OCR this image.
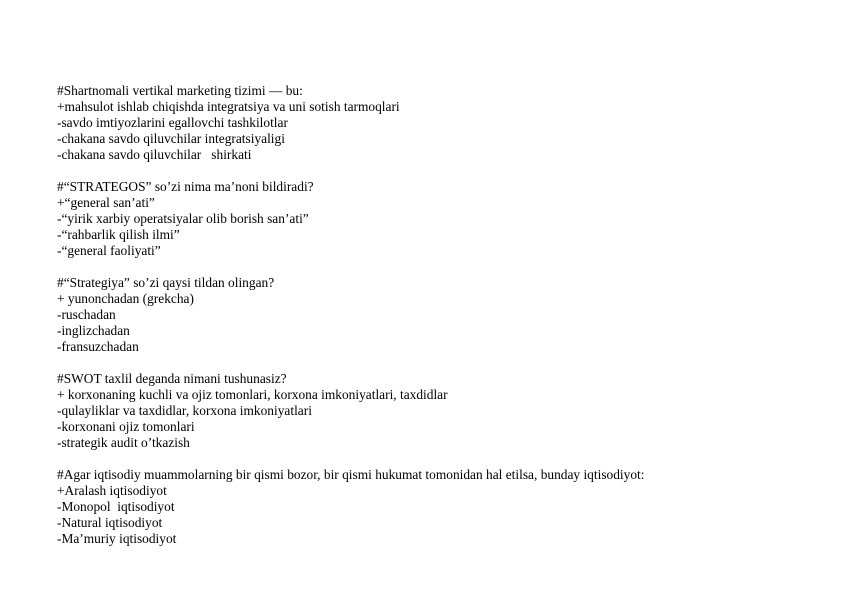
#Shartnomali vertikal marketing tizimi — bu:
+mahsulot ishlab chiqishda integratsiya va uni sotish tarmoqlari
-savdo imtiyozlarini egallovchi tashkilotlar
-chakana savdo qiluvchilar integratsiyaligi
-chakana savdo qiluvchilar   shirkati
#“STRATEGOS” so’zi nima ma’noni bildiradi?
+“general san’ati”
-“yirik xarbiy operatsiyalar olib borish san’ati”
-“rahbarlik qilish ilmi”
-“general faoliyati”
#“Strategiya” so’zi qaysi tildan olingan?
+ yunonchadan (grekcha)
-ruschadan
-inglizchadan
-fransuzchadan
#SWOT taxlil deganda nimani tushunasiz?
+ korxonaning kuchli va ojiz tomonlari, korxona imkoniyatlari, taxdidlar
-qulayliklar va taxdidlar, korxona imkoniyatlari
-korxonani ojiz tomonlari
-strategik audit o’tkazish
#Agar iqtisodiy muammolarning bir qismi bozor, bir qismi hukumat tomonidan hal etilsa, bunday iqtisodiyot:
+Aralash iqtisodiyot
-Monopol  iqtisodiyot
-Natural iqtisodiyot
-Ma’muriy iqtisodiyot
